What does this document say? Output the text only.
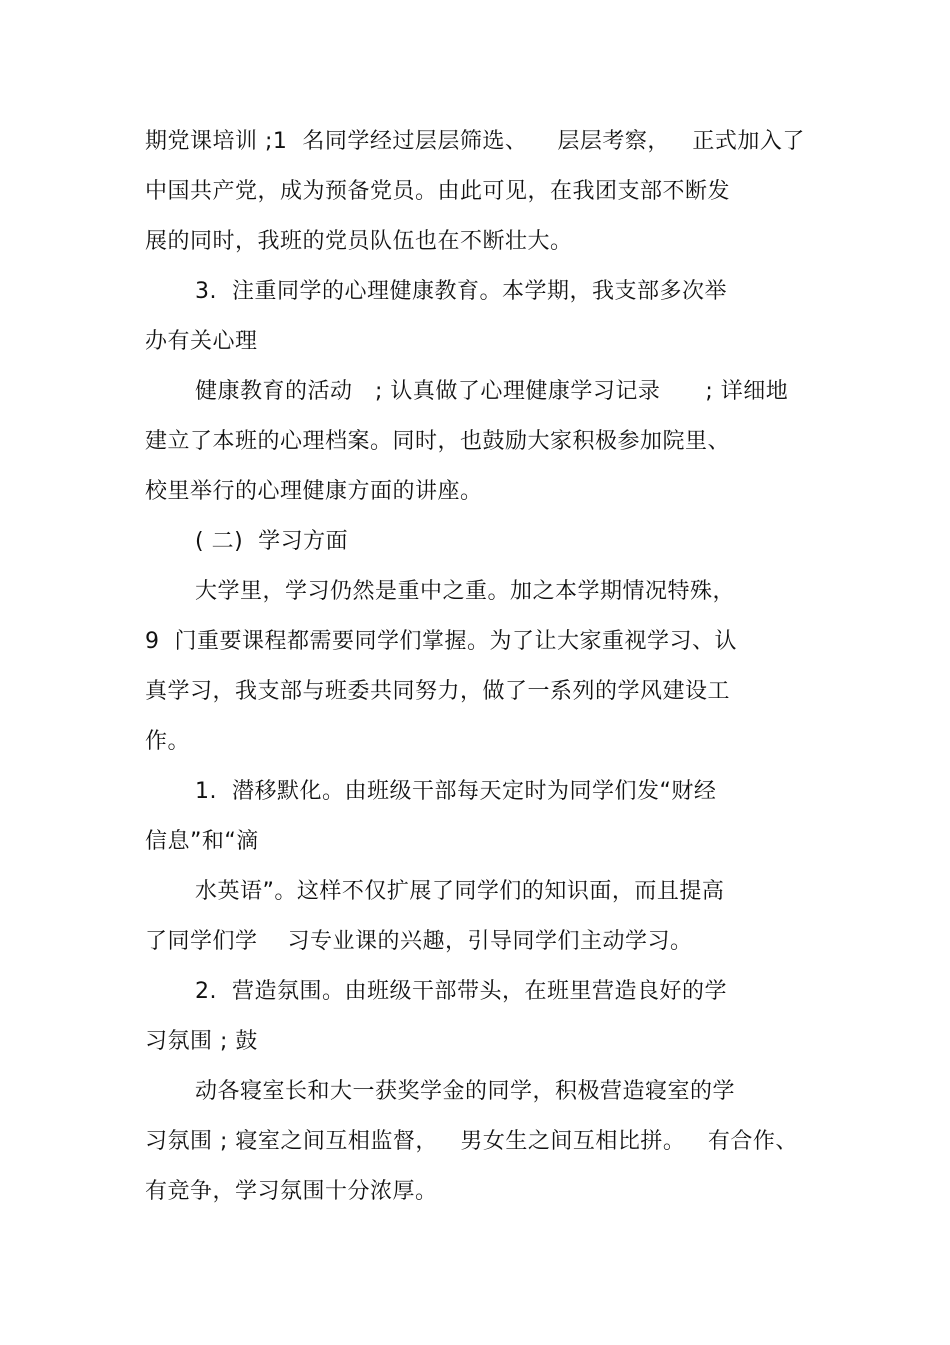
期党课培训 ;1  名同学经过层层筛选、    层层考察，   正式加入了
中国共产党，成为预备党员。由此可见，在我团支部不断发
展的同时，我班的党员队伍也在不断壮大。
3.  注重同学的心理健康教育。本学期，我支部多次举
办有关心理
健康教育的活动   ; 认真做了心理健康学习记录      ; 详细地
建立了本班的心理档案。同时，也鼓励大家积极参加院里、
校里举行的心理健康方面的讲座。
( 二)  学习方面
大学里，学习仍然是重中之重。加之本学期情况特殊，
9  门重要课程都需要同学们掌握。为了让大家重视学习、认
真学习，我支部与班委共同努力，做了一系列的学风建设工
作。
1.  潜移默化。由班级干部每天定时为同学们发“财经
信息”和“滴
水英语”。这样不仅扩展了同学们的知识面，而且提高
了同学们学    习专业课的兴趣，引导同学们主动学习。
2.  营造氛围。由班级干部带头，在班里营造良好的学
习氛围 ; 鼓
动各寝室长和大一获奖学金的同学，积极营造寝室的学
习氛围 ; 寝室之间互相监督，   男女生之间互相比拼。   有合作、
有竞争，学习氛围十分浓厚。
